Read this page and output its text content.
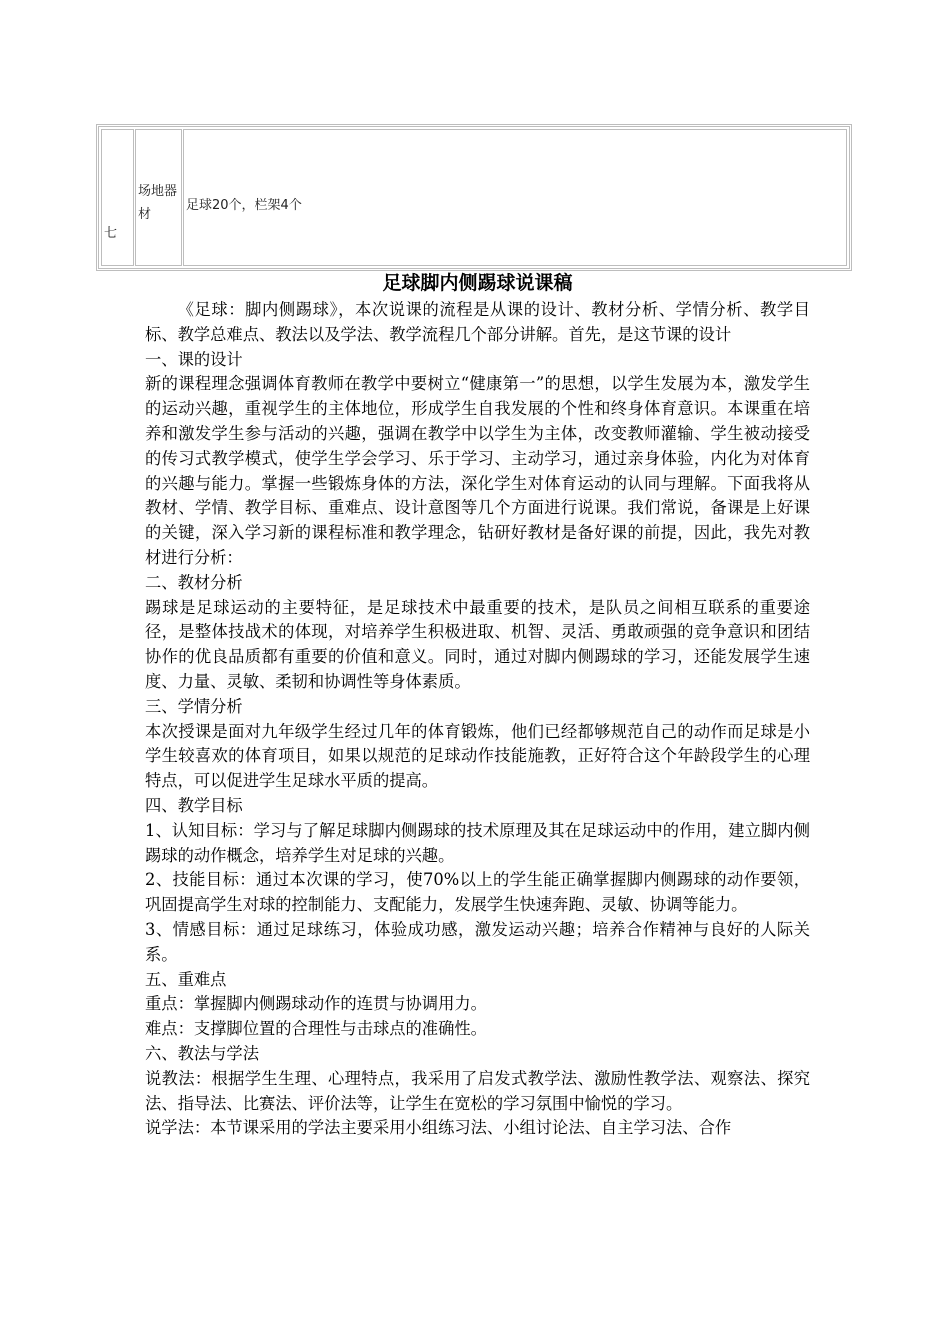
七
场地器材
足球20个，栏架4个
足球脚内侧踢球说课稿

《足球：脚内侧踢球》，本次说课的流程是从课的设计、教材分析、学情分析、教学目标、教学总难点、教法以及学法、教学流程几个部分讲解。首先，是这节课的设计

一、课的设计

新的课程理念强调体育教师在教学中要树立“健康第一”的思想，以学生发展为本，激发学生的运动兴趣，重视学生的主体地位，形成学生自我发展的个性和终身体育意识。本课重在培养和激发学生参与活动的兴趣，强调在教学中以学生为主体，改变教师灌输、学生被动接受的传习式教学模式，使学生学会学习、乐于学习、主动学习，通过亲身体验，内化为对体育的兴趣与能力。掌握一些锻炼身体的方法，深化学生对体育运动的认同与理解。下面我将从教材、学情、教学目标、重难点、设计意图等几个方面进行说课。我们常说，备课是上好课的关键，深入学习新的课程标准和教学理念，钻研好教材是备好课的前提，因此，我先对教材进行分析：

二、教材分析

踢球是足球运动的主要特征，是足球技术中最重要的技术，是队员之间相互联系的重要途径，是整体技战术的体现，对培养学生积极进取、机智、灵活、勇敢顽强的竞争意识和团结协作的优良品质都有重要的价值和意义。同时，通过对脚内侧踢球的学习，还能发展学生速度、力量、灵敏、柔韧和协调性等身体素质。

三、学情分析

本次授课是面对九年级学生经过几年的体育锻炼，他们已经都够规范自己的动作而足球是小学生较喜欢的体育项目，如果以规范的足球动作技能施教，正好符合这个年龄段学生的心理特点，可以促进学生足球水平质的提高。

四、教学目标

1、认知目标：学习与了解足球脚内侧踢球的技术原理及其在足球运动中的作用，建立脚内侧踢球的动作概念，培养学生对足球的兴趣。

2、技能目标：通过本次课的学习，使70%以上的学生能正确掌握脚内侧踢球的动作要领，巩固提高学生对球的控制能力、支配能力，发展学生快速奔跑、灵敏、协调等能力。

3、情感目标：通过足球练习，体验成功感，激发运动兴趣；培养合作精神与良好的人际关系。

五、重难点

重点：掌握脚内侧踢球动作的连贯与协调用力。

难点：支撑脚位置的合理性与击球点的准确性。

六、教法与学法

说教法：根据学生生理、心理特点，我采用了启发式教学法、激励性教学法、观察法、探究法、指导法、比赛法、评价法等，让学生在宽松的学习氛围中愉悦的学习。

说学法：本节课采用的学法主要采用小组练习法、小组讨论法、自主学习法、合作
